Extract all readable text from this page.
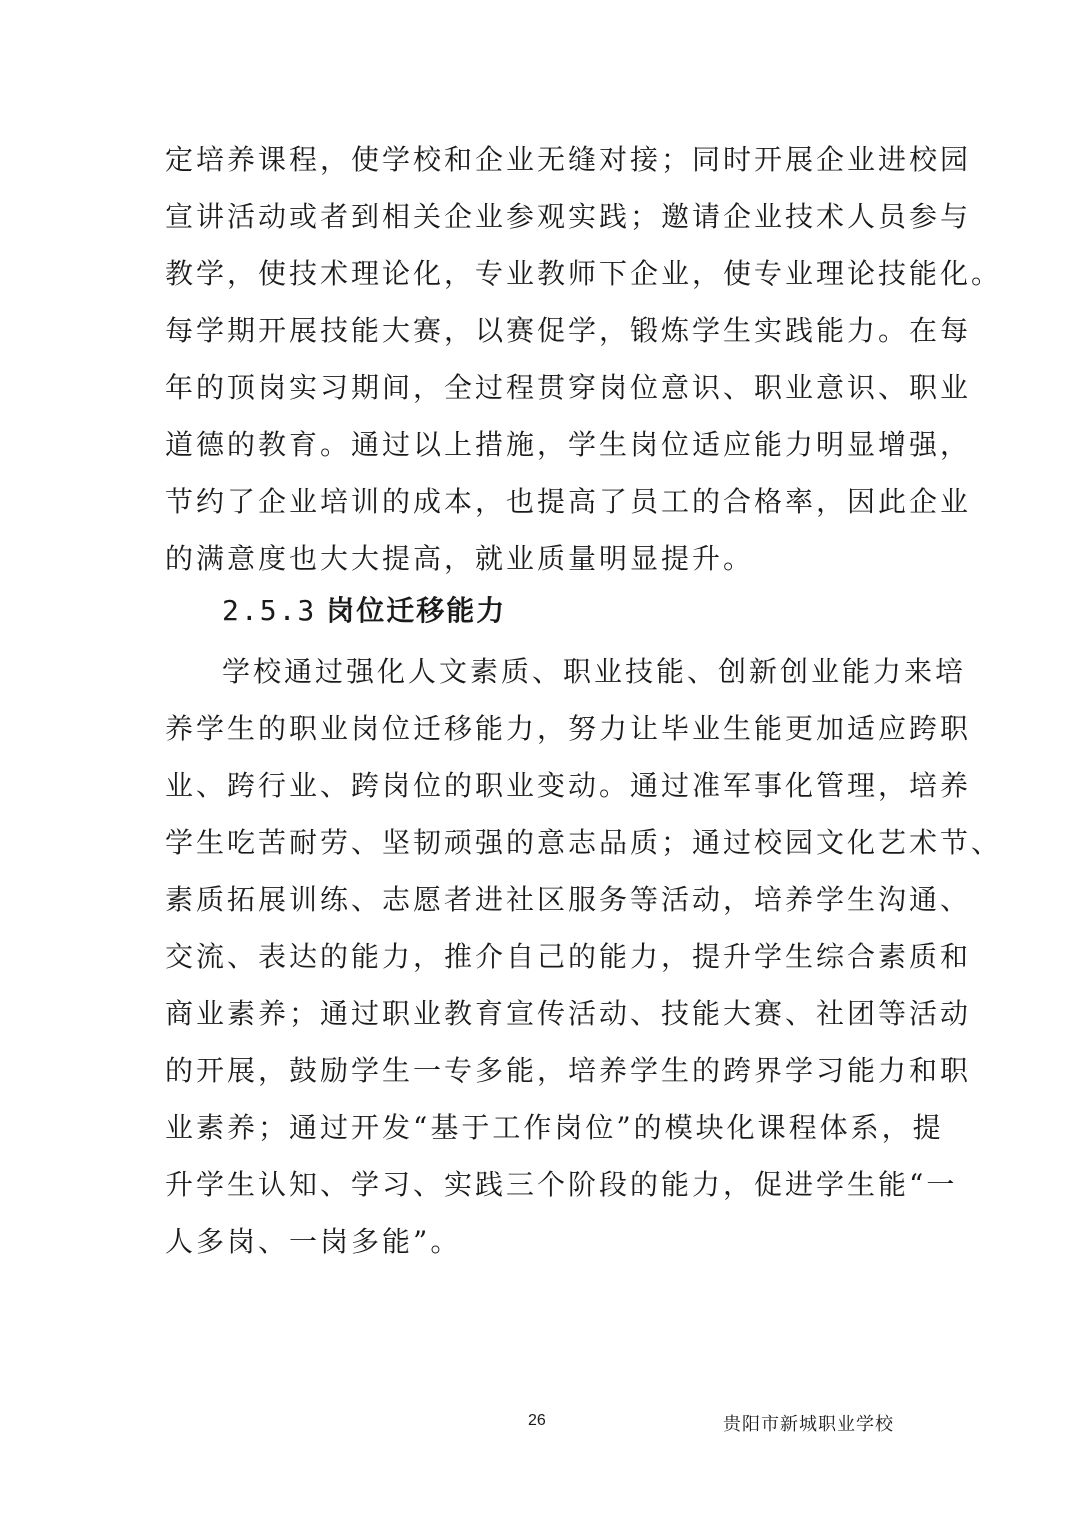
定培养课程，使学校和企业无缝对接；同时开展企业进校园
宣讲活动或者到相关企业参观实践；邀请企业技术人员参与
教学，使技术理论化，专业教师下企业，使专业理论技能化。
每学期开展技能大赛，以赛促学，锻炼学生实践能力。在每
年的顶岗实习期间，全过程贯穿岗位意识、职业意识、职业
道德的教育。通过以上措施，学生岗位适应能力明显增强，
节约了企业培训的成本，也提高了员工的合格率，因此企业
的满意度也大大提高，就业质量明显提升。
2.5.3 岗位迁移能力
学校通过强化人文素质、职业技能、创新创业能力来培
养学生的职业岗位迁移能力，努力让毕业生能更加适应跨职
业、跨行业、跨岗位的职业变动。通过准军事化管理，培养
学生吃苦耐劳、坚韧顽强的意志品质；通过校园文化艺术节、
素质拓展训练、志愿者进社区服务等活动，培养学生沟通、
交流、表达的能力，推介自己的能力，提升学生综合素质和
商业素养；通过职业教育宣传活动、技能大赛、社团等活动
的开展，鼓励学生一专多能，培养学生的跨界学习能力和职
业素养；通过开发“基于工作岗位”的模块化课程体系，提
升学生认知、学习、实践三个阶段的能力，促进学生能“一
人多岗、一岗多能”。
26	贵阳市新城职业学校
